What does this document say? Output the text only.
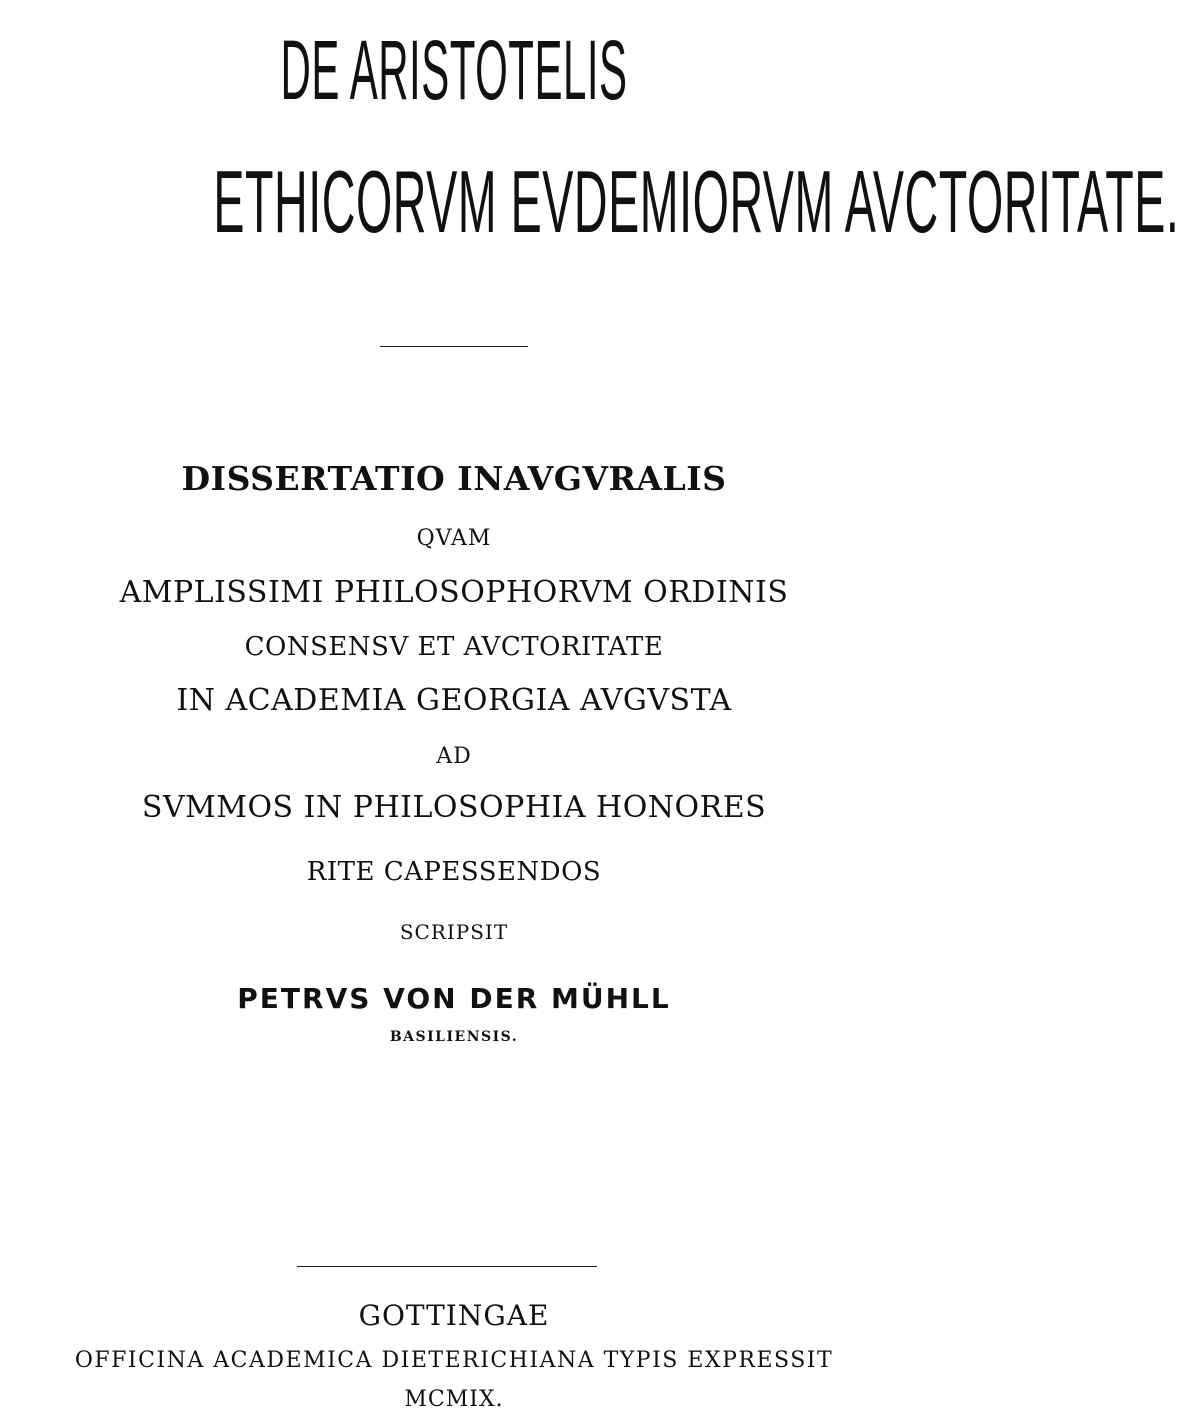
DE ARISTOTELIS
ETHICORVM EVDEMIORVM AVCTORITATE.
DISSERTATIO INAVGVRALIS
QVAM
AMPLISSIMI PHILOSOPHORVM ORDINIS
CONSENSV ET AVCTORITATE
IN ACADEMIA GEORGIA AVGVSTA
AD
SVMMOS IN PHILOSOPHIA HONORES
RITE CAPESSENDOS
SCRIPSIT
PETRVS VON DER MÜHLL
BASILIENSIS.
GOTTINGAE
OFFICINA ACADEMICA DIETERICHIANA TYPIS EXPRESSIT
MCMIX.
